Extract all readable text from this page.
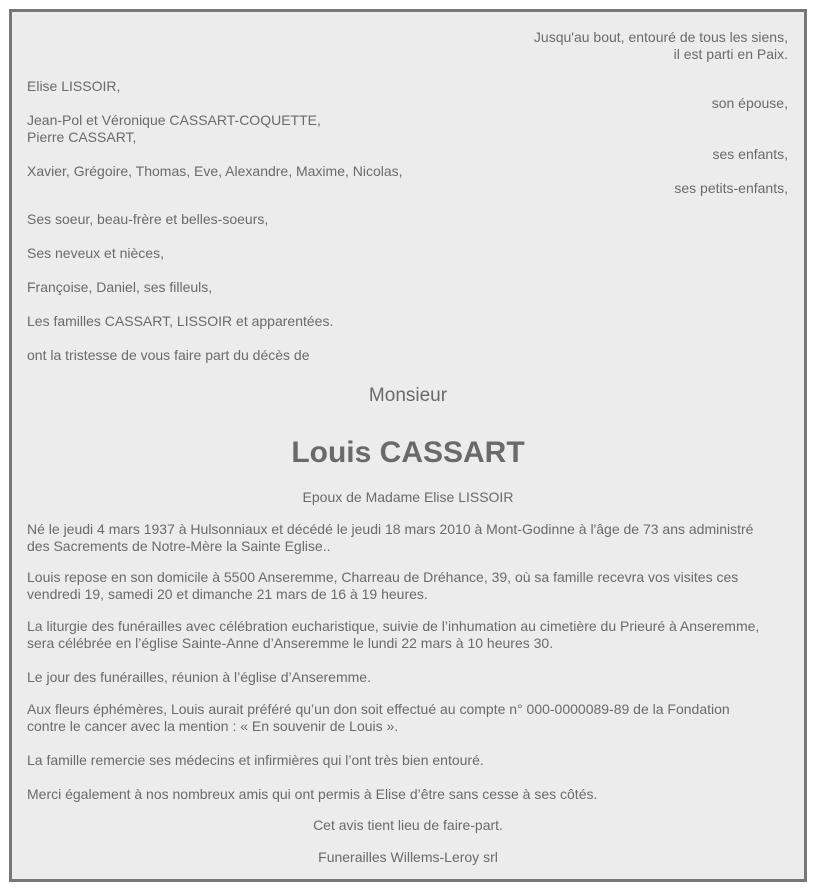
Jusqu'au bout, entouré de tous les siens,
il est parti en Paix.
Elise LISSOIR,
son épouse,
Jean-Pol et Véronique CASSART-COQUETTE,
Pierre CASSART,
ses enfants,
Xavier, Grégoire, Thomas, Eve, Alexandre, Maxime, Nicolas,
ses petits-enfants,
Ses soeur, beau-frère et belles-soeurs,
Ses neveux et nièces,
Françoise, Daniel, ses filleuls,
Les familles CASSART, LISSOIR et apparentées.
ont la tristesse de vous faire part du décès de
Monsieur
Louis CASSART
Epoux de Madame Elise LISSOIR
Né le jeudi 4 mars 1937 à Hulsonniaux et décédé le jeudi 18 mars 2010 à Mont-Godinne à l'âge de 73 ans administré
des Sacrements de Notre-Mère la Sainte Eglise..
Louis repose en son domicile à 5500 Anseremme, Charreau de Dréhance, 39, où sa famille recevra vos visites ces
vendredi 19, samedi 20 et dimanche 21 mars de 16 à 19 heures.
La liturgie des funérailles avec célébration eucharistique, suivie de l’inhumation au cimetière du Prieuré à Anseremme,
sera célébrée en l’église Sainte-Anne d’Anseremme le lundi 22 mars à 10 heures 30.
Le jour des funérailles, réunion à l’église d’Anseremme.
Aux fleurs éphémères, Louis aurait préféré qu’un don soit effectué au compte n° 000-0000089-89 de la Fondation
contre le cancer avec la mention : « En souvenir de Louis ».
La famille remercie ses médecins et infirmières qui l’ont très bien entouré.
Merci également à nos nombreux amis qui ont permis à Elise d’être sans cesse à ses côtés.
Cet avis tient lieu de faire-part.
Funerailles Willems-Leroy srl
